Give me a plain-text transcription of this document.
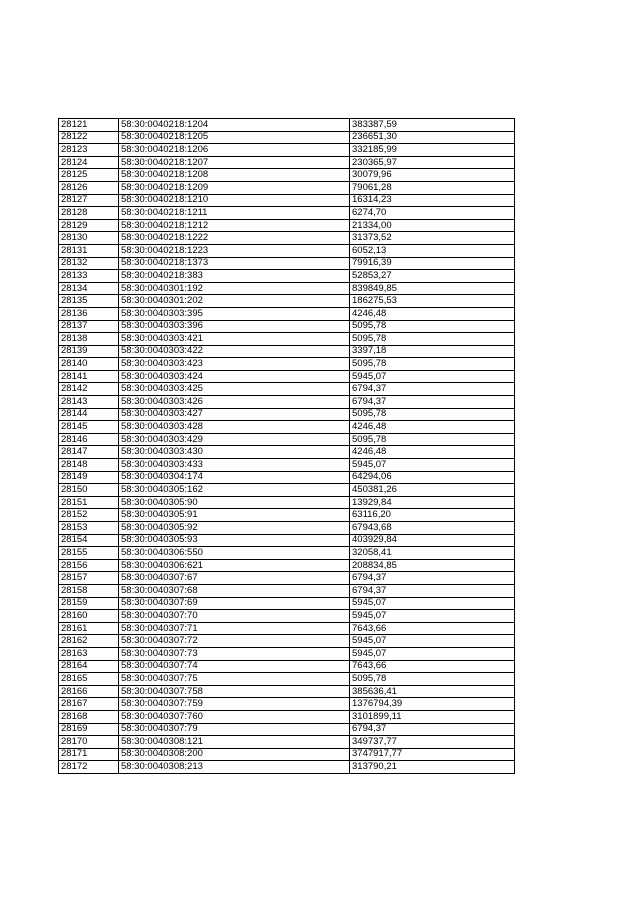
28121	58:30:0040218:1204	383387,59
28122	58:30:0040218:1205	236651,30
28123	58:30:0040218:1206	332185,99
28124	58:30:0040218:1207	230365,97
28125	58:30:0040218:1208	30079,96
28126	58:30:0040218:1209	79061,28
28127	58:30:0040218:1210	16314,23
28128	58:30:0040218:1211	6274,70
28129	58:30:0040218:1212	21334,00
28130	58:30:0040218:1222	31373,52
28131	58:30:0040218:1223	6052,13
28132	58:30:0040218:1373	79916,39
28133	58:30:0040218:383	52853,27
28134	58:30:0040301:192	839849,85
28135	58:30:0040301:202	186275,53
28136	58:30:0040303:395	4246,48
28137	58:30:0040303:396	5095,78
28138	58:30:0040303:421	5095,78
28139	58:30:0040303:422	3397,18
28140	58:30:0040303:423	5095,78
28141	58:30:0040303:424	5945,07
28142	58:30:0040303:425	6794,37
28143	58:30:0040303:426	6794,37
28144	58:30:0040303:427	5095,78
28145	58:30:0040303:428	4246,48
28146	58:30:0040303:429	5095,78
28147	58:30:0040303:430	4246,48
28148	58:30:0040303:433	5945,07
28149	58:30:0040304:174	64294,06
28150	58:30:0040305:162	450381,26
28151	58:30:0040305:90	13929,84
28152	58:30:0040305:91	63116,20
28153	58:30:0040305:92	67943,68
28154	58:30:0040305:93	403929,84
28155	58:30:0040306:550	32058,41
28156	58:30:0040306:621	208834,85
28157	58:30:0040307:67	6794,37
28158	58:30:0040307:68	6794,37
28159	58:30:0040307:69	5945,07
28160	58:30:0040307:70	5945,07
28161	58:30:0040307:71	7643,66
28162	58:30:0040307:72	5945,07
28163	58:30:0040307:73	5945,07
28164	58:30:0040307:74	7643,66
28165	58:30:0040307:75	5095,78
28166	58:30:0040307:758	385636,41
28167	58:30:0040307:759	1376794,39
28168	58:30:0040307:760	3101899,11
28169	58:30:0040307:79	6794,37
28170	58:30:0040308:121	349737,77
28171	58:30:0040308:200	3747917,77
28172	58:30:0040308:213	313790,21
